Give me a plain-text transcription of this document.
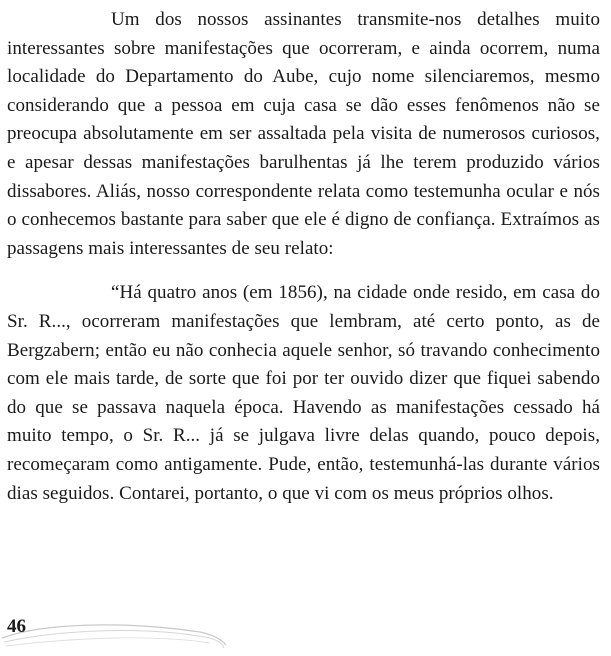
Um dos nossos assinantes transmite-nos detalhes muito interessantes sobre manifestações que ocorreram, e ainda ocorrem, numa localidade do Departamento do Aube, cujo nome silenciaremos, mesmo considerando que a pessoa em cuja casa se dão esses fenômenos não se preocupa absolutamente em ser assaltada pela visita de numerosos curiosos, e apesar dessas manifestações barulhentas já lhe terem produzido vários dissabores. Aliás, nosso correspondente relata como testemunha ocular e nós o conhecemos bastante para saber que ele é digno de confiança. Extraímos as passagens mais interessantes de seu relato:

“Há quatro anos (em 1856), na cidade onde resido, em casa do Sr. R..., ocorreram manifestações que lembram, até certo ponto, as de Bergzabern; então eu não conhecia aquele senhor, só travando conhecimento com ele mais tarde, de sorte que foi por ter ouvido dizer que fiquei sabendo do que se passava naquela época. Havendo as manifestações cessado há muito tempo, o Sr. R... já se julgava livre delas quando, pouco depois, recomeçaram como antigamente. Pude, então, testemunhá-las durante vários dias seguidos. Contarei, portanto, o que vi com os meus próprios olhos.

46
